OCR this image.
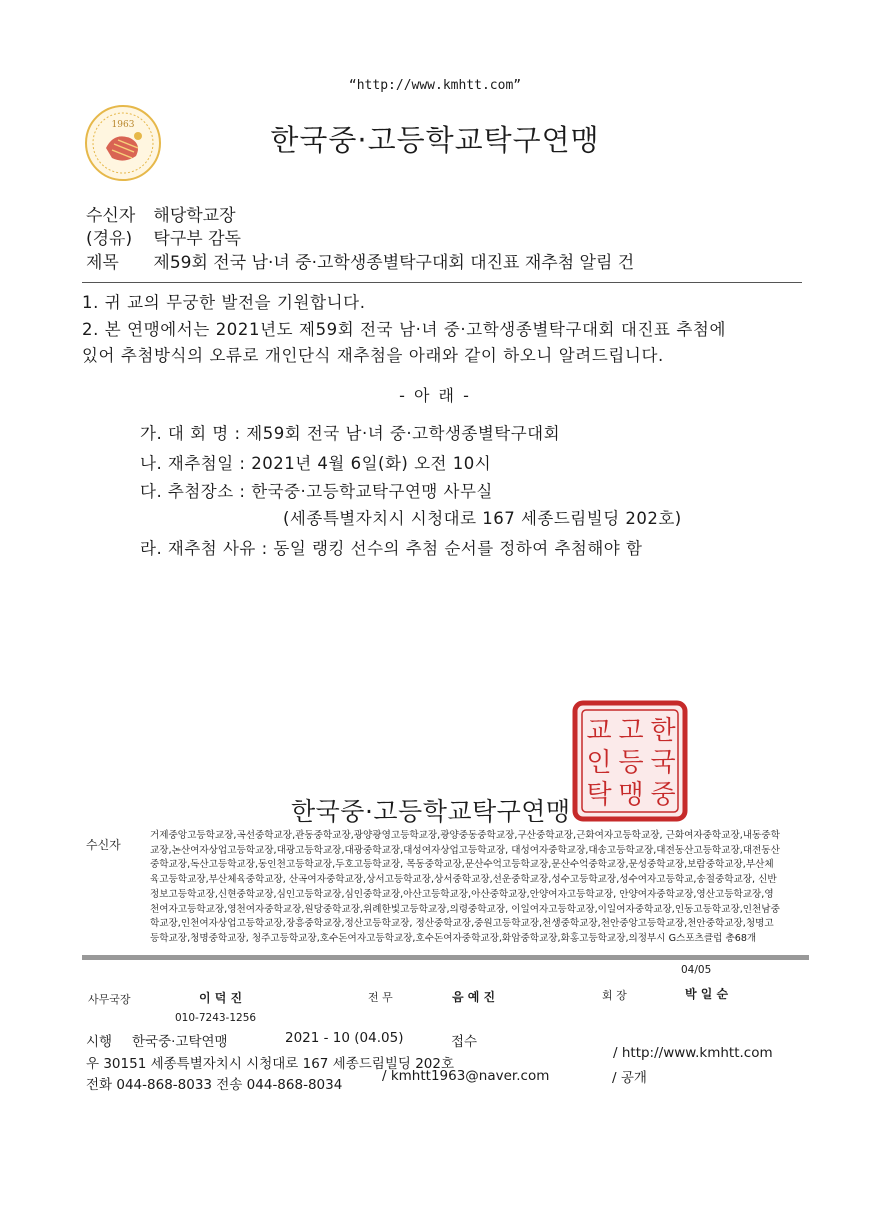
“http://www.kmhtt.com”
1963	한국중·고등학교탁구연맹
수신자 해당학교장
(경유) 탁구부 감독
제목 제59회 전국 남·녀 중·고학생종별탁구대회 대진표 재추첨 알림 건
1. 귀 교의 무궁한 발전을 기원합니다.
2. 본 연맹에서는 2021년도 제59회 전국 남·녀 중·고학생종별탁구대회 대진표 추첨에
있어 추첨방식의 오류로 개인단식 재추첨을 아래와 같이 하오니 알려드립니다.
- 아 래 -
가. 대 회 명 : 제59회 전국 남·녀 중·고학생종별탁구대회
나. 재추첨일 : 2021년 4월 6일(화) 오전 10시
다. 추첨장소 : 한국중·고등학교탁구연맹 사무실
(세종특별자치시 시청대로 167 세종드림빌딩 202호)
라. 재추첨 사유 : 동일 랭킹 선수의 추첨 순서를 정하여 추첨해야 함
한
고
교
인 국
등
탁 맹 중
한국중·고등학교탁구연맹
수신자
거제중앙고등학교장,곡선중학교장,관동중학교장,광양광영고등학교장,광양중동중학교장,구산중학교장,근화여자고등학교장, 근화여자중학교장,내동중학교장,논산여자상업고등학교장,대광고등학교장,대광중학교장,대성여자상업고등학교장, 대성여자중학교장,대송고등학교장,대전동산고등학교장,대전동산중학교장,독산고등학교장,동인천고등학교장,두호고등학교장, 목동중학교장,문산수억고등학교장,문산수억중학교장,문성중학교장,보람중학교장,부산체육고등학교장,부산체육중학교장, 산곡여자중학교장,상서고등학교장,상서중학교장,선운중학교장,성수고등학교장,성수여자고등학교,송절중학교장, 신반정보고등학교장,신현중학교장,심인고등학교장,심인중학교장,아산고등학교장,아산중학교장,안양여자고등학교장, 안양여자중학교장,영산고등학교장,영천여자고등학교장,영천여자중학교장,원당중학교장,위례한빛고등학교장,의령중학교장, 이일여자고등학교장,이일여자중학교장,인동고등학교장,인천남중학교장,인천여자상업고등학교장,장흥중학교장,정산고등학교장, 정산중학교장,중원고등학교장,천생중학교장,천안중앙고등학교장,천안중학교장,청명고등학교장,청명중학교장, 청주고등학교장,호수돈여자고등학교장,호수돈여자중학교장,화암중학교장,화홍고등학교장,의정부시 G스포츠클럽 총68개
04/05
사무국장	이 덕 진	전 무	음 예 진	회 장	박 일 순
010-7243-1256
시행 한국중·고탁연맹	2021 - 10 (04.05)	접수
우 30151 세종특별자치시 시청대로 167 세종드림빌딩 202호
/ http://www.kmhtt.com
전화 044-868-8033 전송 044-868-8034
/ kmhtt1963@naver.com	/ 공개
